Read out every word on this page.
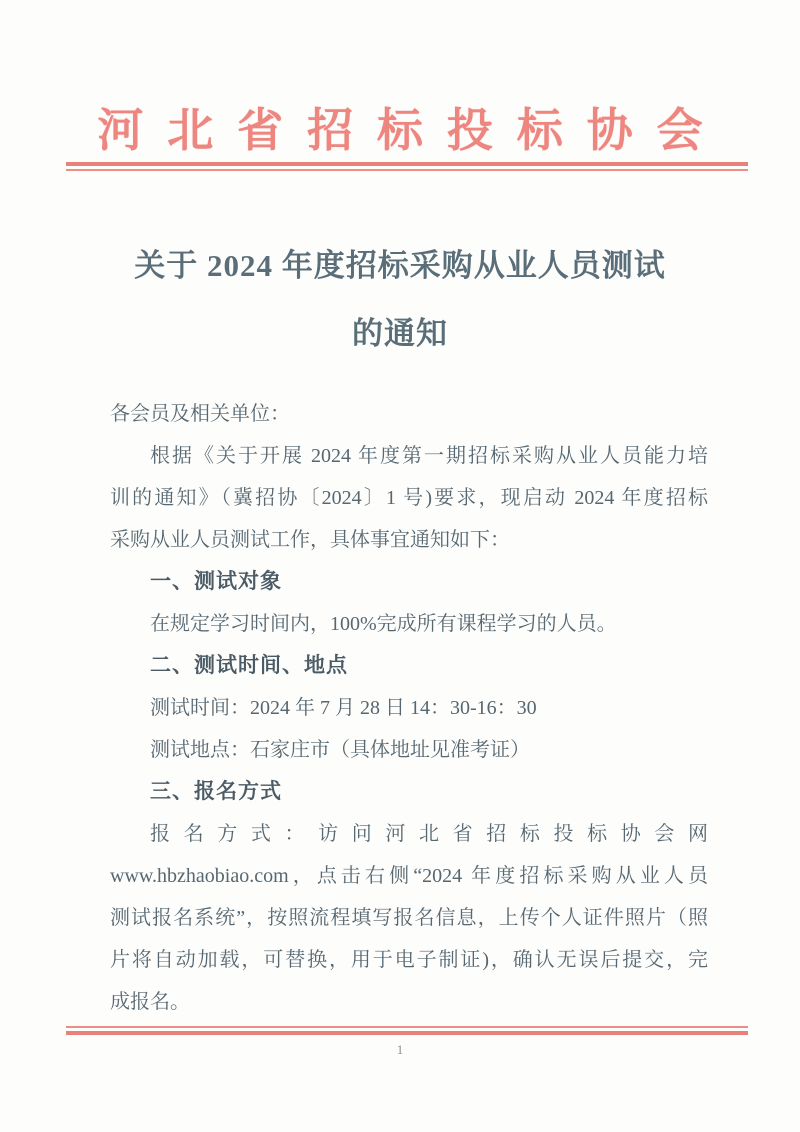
河北省招标投标协会
关于 2024 年度招标采购从业人员测试
的通知
各会员及相关单位：
根据《关于开展 2024 年度第一期招标采购从业人员能力培
训的通知》（冀招协〔2024〕1 号)要求，现启动 2024 年度招标
采购从业人员测试工作，具体事宜通知如下：
一、测试对象
在规定学习时间内，100%完成所有课程学习的人员。
二、测试时间、地点
测试时间：2024 年 7 月 28 日 14：30-16：30
测试地点：石家庄市（具体地址见准考证）
三、报名方式
报名方式：访问河北省招标投标协会网
www.hbzhaobiao.com，点击右侧“2024 年度招标采购从业人员
测试报名系统”，按照流程填写报名信息，上传个人证件照片（照
片将自动加载，可替换，用于电子制证)，确认无误后提交，完
成报名。
1
